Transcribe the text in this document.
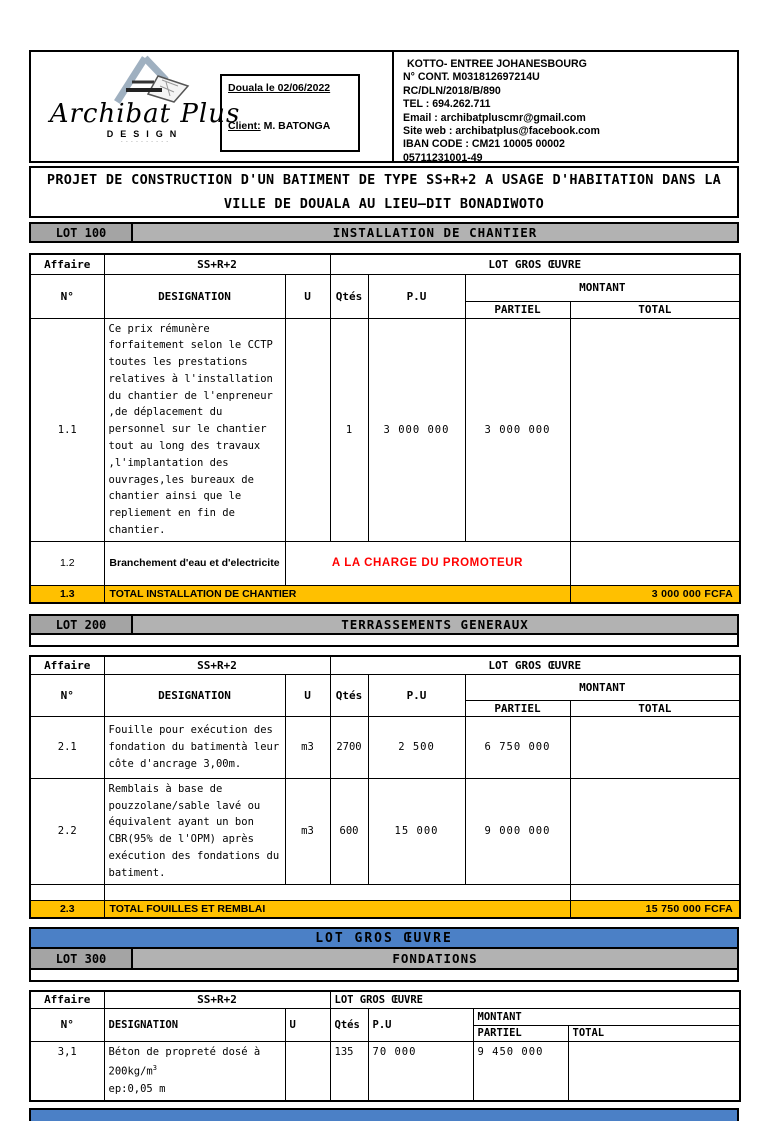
Archibat Plus
DESIGN
- - - - - - - - - -
Douala le 02/06/2022
Client: M. BATONGA
KOTTO- ENTREE JOHANESBOURG
N° CONT. M031812697214U
RC/DLN/2018/B/890
TEL : 694.262.711
Email : archibatpluscmr@gmail.com
Site web : archibatplus@facebook.com
IBAN CODE : CM21 10005 00002
05711231001-49
PROJET DE CONSTRUCTION D'UN BATIMENT DE TYPE SS+R+2 A USAGE D'HABITATION DANS LA VILLE DE DOUALA AU LIEU–DIT BONADIWOTO
LOT 100	INSTALLATION DE CHANTIER
Affaire	SS+R+2		LOT GROS ŒUVRE			
N°	DESIGNATION	U	Qtés	P.U	MONTANT	
					PARTIEL	TOTAL
1.1	Ce prix rémunère forfaitement selon le CCTP toutes les prestations relatives à l'installation du chantier de l'enpreneur ,de déplacement du personnel sur le chantier tout au long des travaux ,l'implantation des ouvrages,les bureaux de chantier ainsi que le repliement en fin de chantier.		1	3 000 000	3 000 000	
1.2	Branchement d'eau et d'electricite	A LA CHARGE DU PROMOTEUR				
1.3	TOTAL INSTALLATION DE CHANTIER					3 000 000 FCFA
LOT 200	TERRASSEMENTS GENERAUX
Affaire	SS+R+2		LOT GROS ŒUVRE			
N°	DESIGNATION	U	Qtés	P.U	MONTANT	
					PARTIEL	TOTAL
2.1	Fouille pour exécution des fondation du batimentà leur côte d'ancrage 3,00m.	m3	2700	2 500	6 750 000	
2.2	Remblais à base de pouzzolane/sable lavé ou équivalent ayant un bon CBR(95% de l'OPM) après exécution des fondations du batiment.	m3	600	15 000	9 000 000	

2.3	TOTAL FOUILLES ET REMBLAI					15 750 000 FCFA
LOT GROS ŒUVRE
LOT 300	FONDATIONS
Affaire	SS+R+2		LOT GROS ŒUVRE			
N°	DESIGNATION	U	Qtés	P.U	MONTANT	
					PARTIEL	TOTAL
3,1	Béton de propreté dosé à $200kg/m^3$
ep:0,05 m		135	70 000	9 450 000	
